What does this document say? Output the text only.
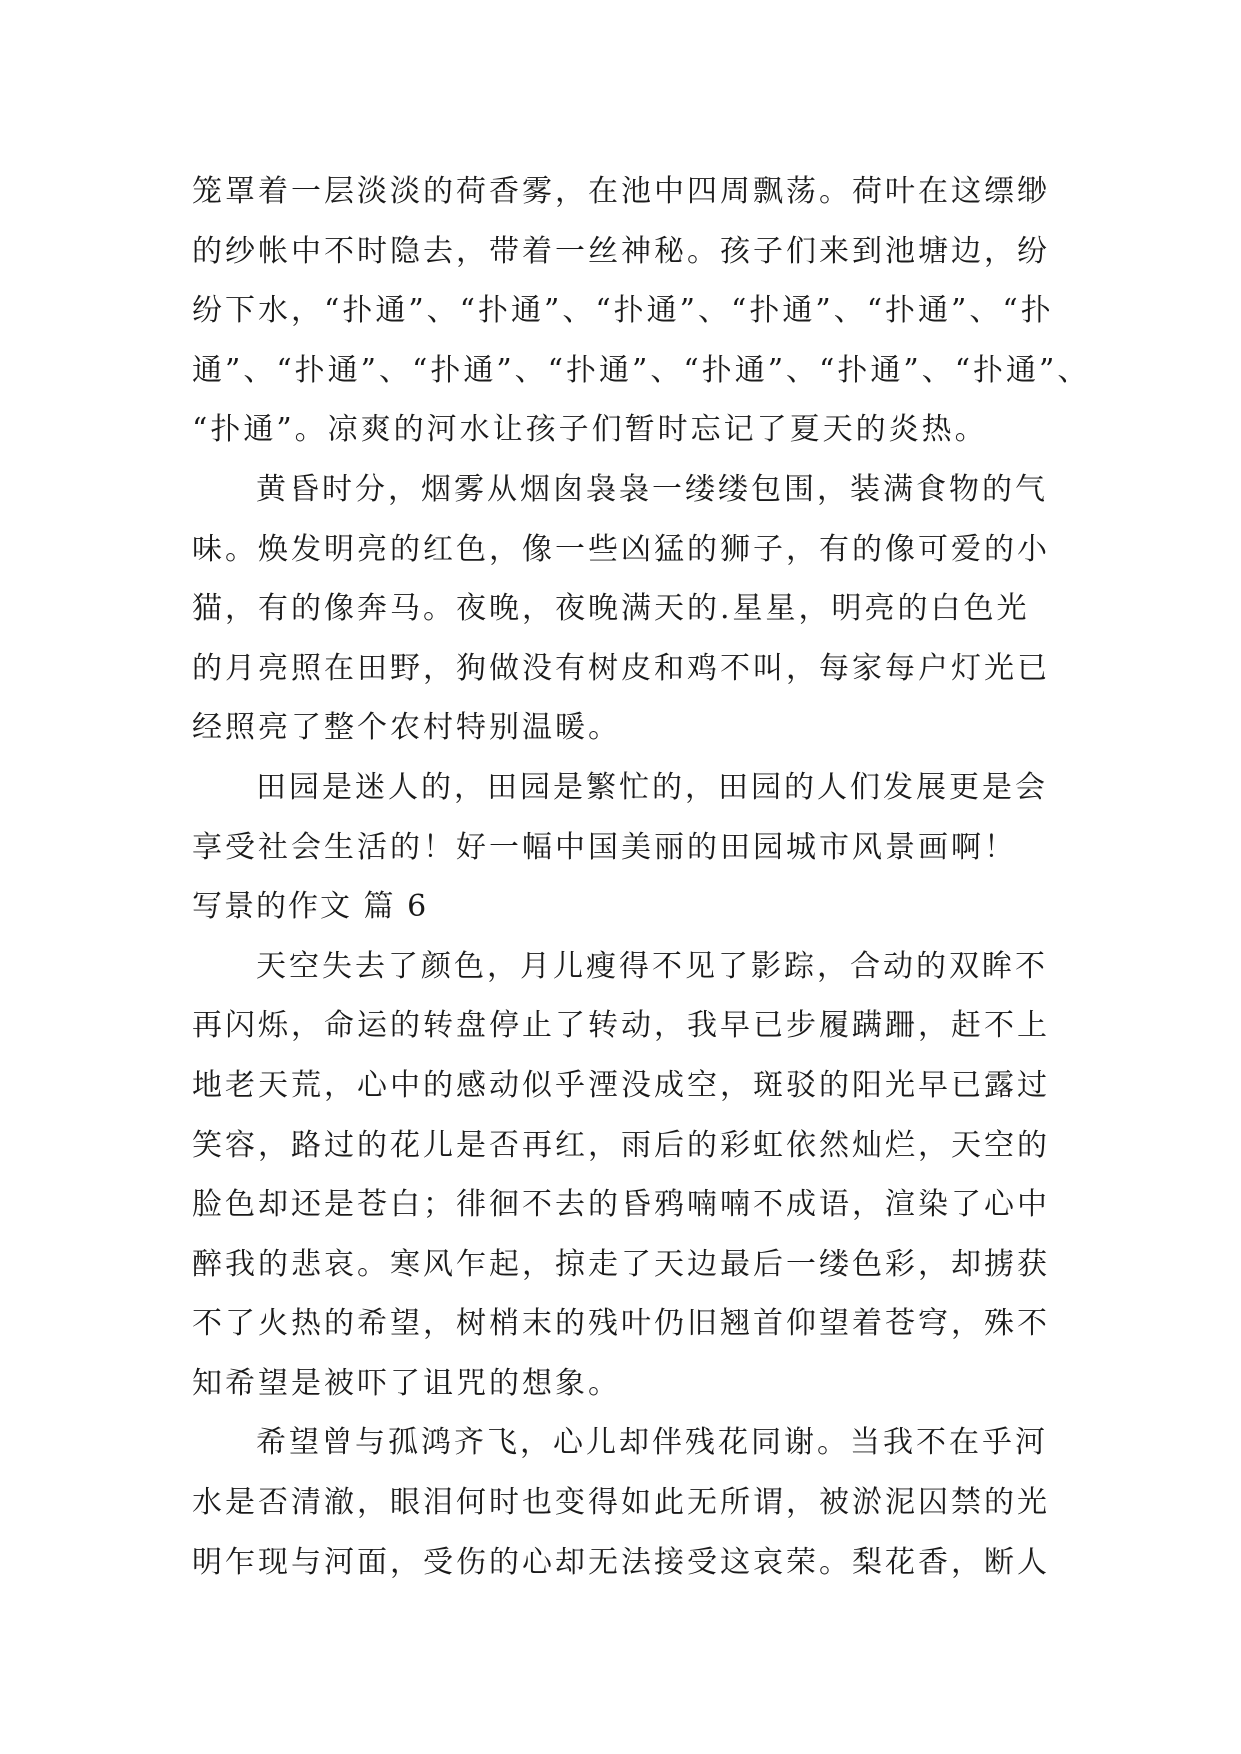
笼罩着一层淡淡的荷香雾，在池中四周飘荡。荷叶在这缥缈
的纱帐中不时隐去，带着一丝神秘。孩子们来到池塘边，纷
纷下水，“扑通”、“扑通”、“扑通”、“扑通”、“扑通”、“扑
通”、“扑通”、“扑通”、“扑通”、“扑通”、“扑通”、“扑通”、
“扑通”。凉爽的河水让孩子们暂时忘记了夏天的炎热。
黄昏时分，烟雾从烟囱袅袅一缕缕包围，装满食物的气
味。焕发明亮的红色，像一些凶猛的狮子，有的像可爱的小
猫，有的像奔马。夜晚，夜晚满天的.星星，明亮的白色光
的月亮照在田野，狗做没有树皮和鸡不叫，每家每户灯光已
经照亮了整个农村特别温暖。
田园是迷人的，田园是繁忙的，田园的人们发展更是会
享受社会生活的！好一幅中国美丽的田园城市风景画啊！
写景的作文 篇 6
天空失去了颜色，月儿瘦得不见了影踪，合动的双眸不
再闪烁，命运的转盘停止了转动，我早已步履蹒跚，赶不上
地老天荒，心中的感动似乎湮没成空，斑驳的阳光早已露过
笑容，路过的花儿是否再红，雨后的彩虹依然灿烂，天空的
脸色却还是苍白；徘徊不去的昏鸦喃喃不成语，渲染了心中
醉我的悲哀。寒风乍起，掠走了天边最后一缕色彩，却掳获
不了火热的希望，树梢末的残叶仍旧翘首仰望着苍穹，殊不
知希望是被吓了诅咒的想象。
希望曾与孤鸿齐飞，心儿却伴残花同谢。当我不在乎河
水是否清澈，眼泪何时也变得如此无所谓，被淤泥囚禁的光
明乍现与河面，受伤的心却无法接受这哀荣。梨花香，断人
